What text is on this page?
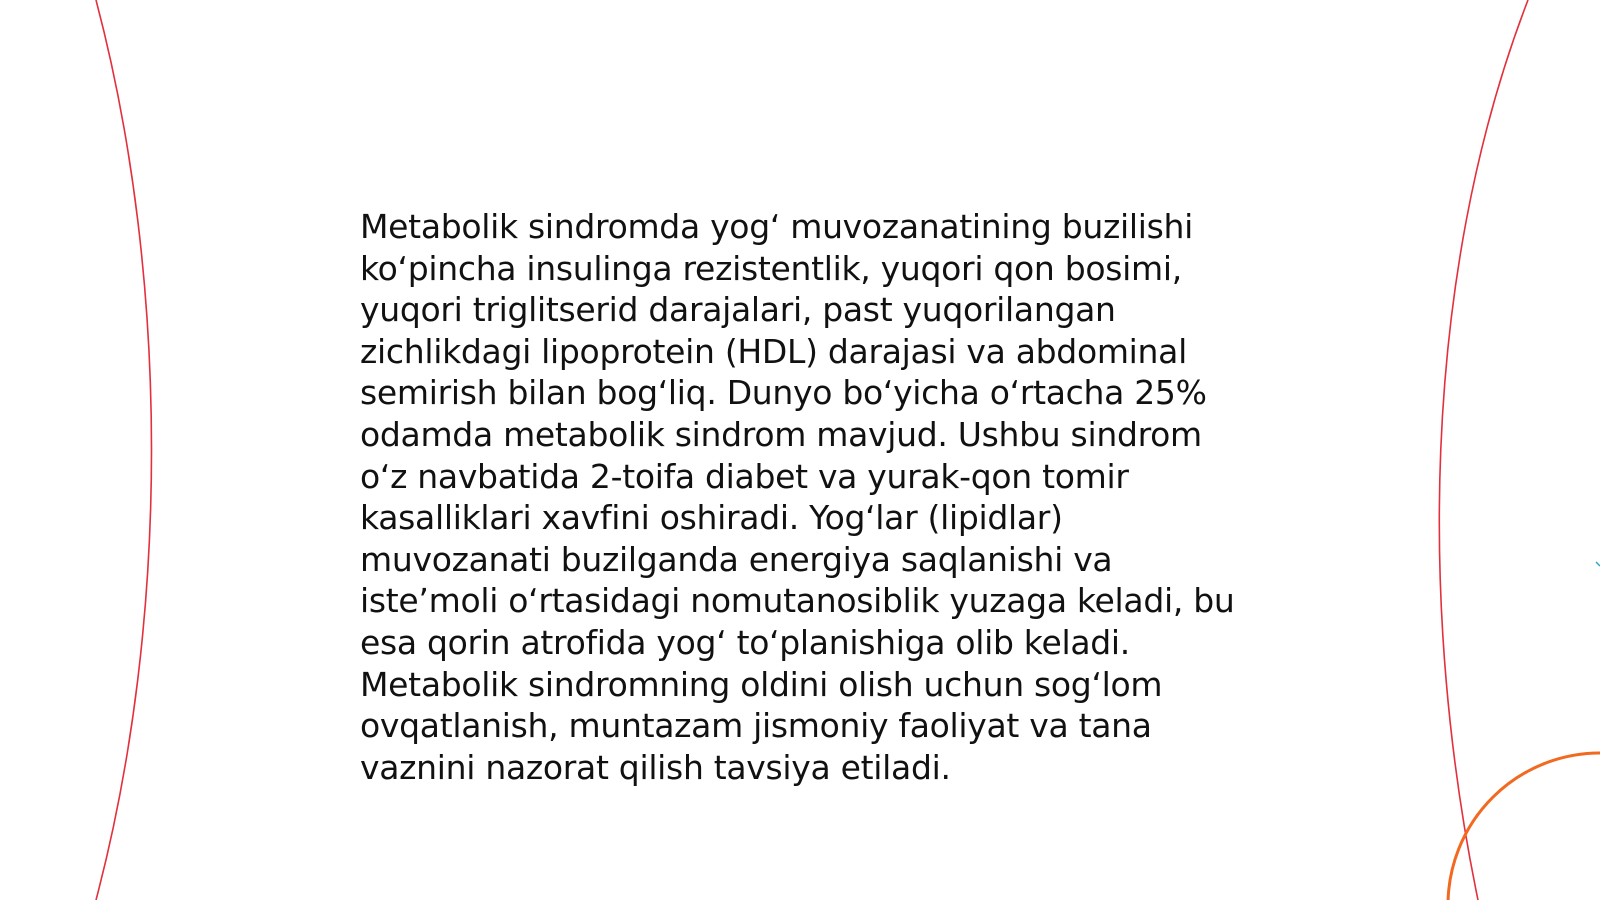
Metabolik sindromda yog‘ muvozanatining buzilishi
ko‘pincha insulinga rezistentlik, yuqori qon bosimi,
yuqori triglitserid darajalari, past yuqorilangan
zichlikdagi lipoprotein (HDL) darajasi va abdominal
semirish bilan bog‘liq. Dunyo bo‘yicha o‘rtacha 25%
odamda metabolik sindrom mavjud. Ushbu sindrom
o‘z navbatida 2-toifa diabet va yurak-qon tomir
kasalliklari xavfini oshiradi. Yog‘lar (lipidlar)
muvozanati buzilganda energiya saqlanishi va
iste’moli o‘rtasidagi nomutanosiblik yuzaga keladi, bu
esa qorin atrofida yog‘ to‘planishiga olib keladi.
Metabolik sindromning oldini olish uchun sog‘lom
ovqatlanish, muntazam jismoniy faoliyat va tana
vaznini nazorat qilish tavsiya etiladi.
